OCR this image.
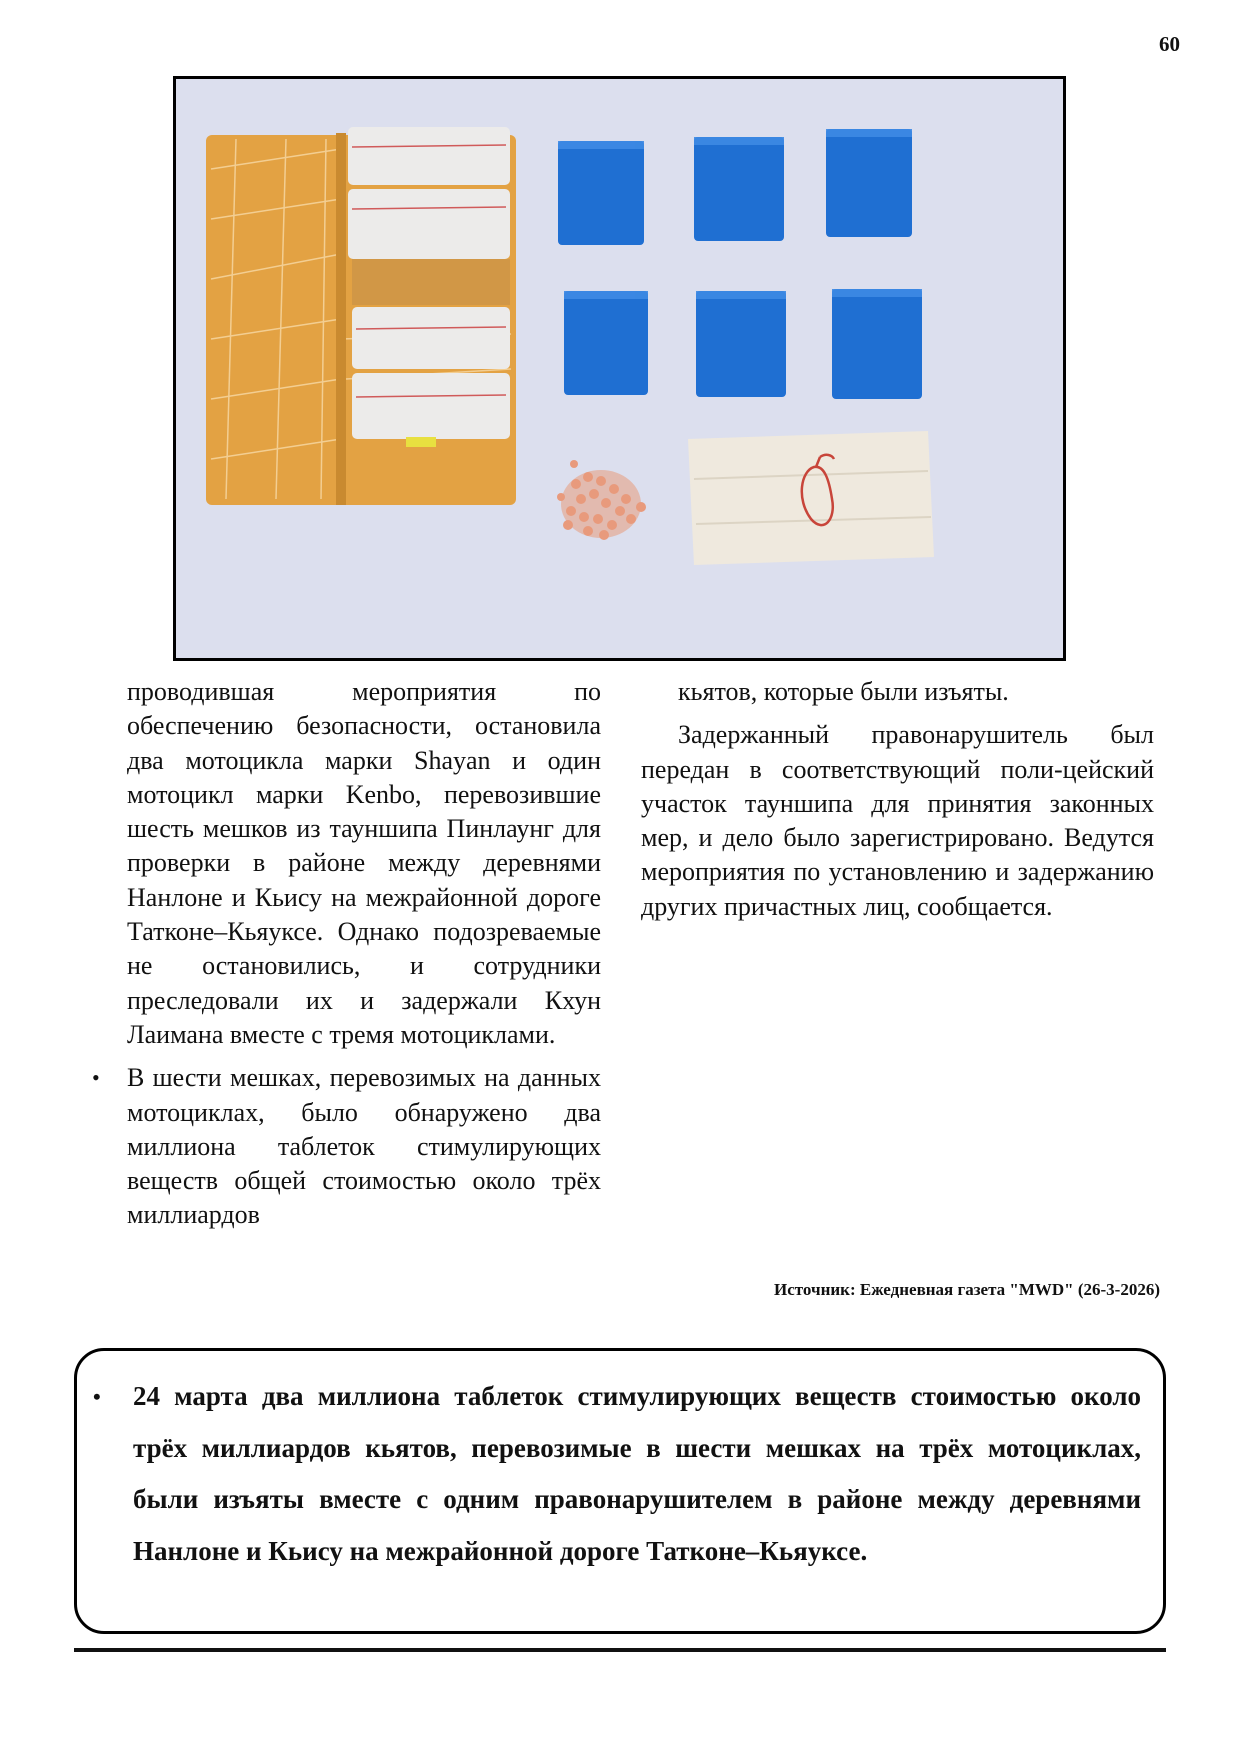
60

проводившая мероприятия по обеспечению безопасности, остановила два мотоцикла марки Shayan и один мотоцикл марки Kenbo, перевозившие шесть мешков из тауншипа Пинлаунг для проверки в районе между деревнями Нанлоне и Кьису на межрайонной дороге Татконе–Кьяуксе. Однако подозреваемые не остановились, и сотрудники преследовали их и задержали Кхун Лаимана вместе с тремя мотоциклами.

• В шести мешках, перевозимых на данных мотоциклах, было обнаружено два миллиона таблеток стимулирующих веществ общей стоимостью около трёх миллиардов

кьятов, которые были изъяты.

Задержанный правонарушитель был передан в соответствующий поли-цейский участок тауншипа для принятия законных мер, и дело было зарегистрировано. Ведутся мероприятия по установлению и задержанию других причастных лиц, сообщается.

Источник: Ежедневная газета "MWD" (26-3-2026)
• 24 марта два миллиона таблеток стимулирующих веществ стоимостью около трёх миллиардов кьятов, перевозимые в шести мешках на трёх мотоциклах, были изъяты вместе с одним правонарушителем в районе между деревнями Нанлоне и Кьису на межрайонной дороге Татконе–Кьяуксе.
